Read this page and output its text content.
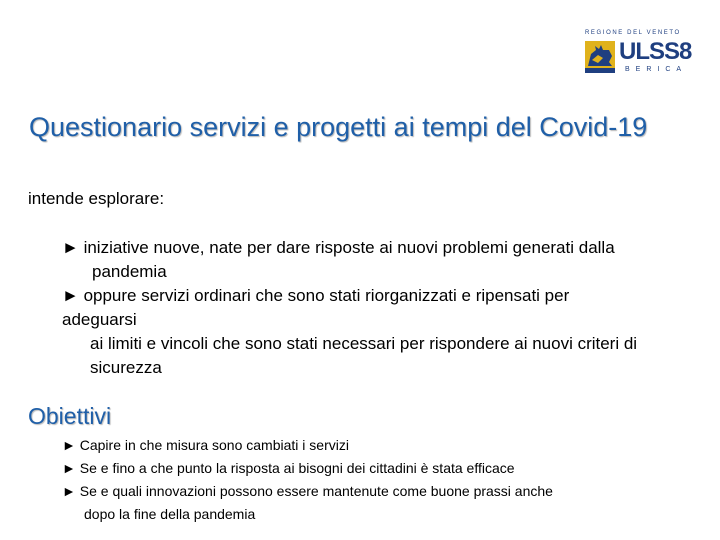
REGIONE DEL VENETO
ULSS8
BERICA
Questionario servizi e progetti ai tempi del Covid-19
intende esplorare:
► iniziative nuove, nate per dare risposte ai nuovi problemi generati dalla
pandemia
► oppure servizi ordinari che sono stati riorganizzati e ripensati per
adeguarsi
ai limiti e vincoli che sono stati necessari per rispondere ai nuovi criteri di
sicurezza
Obiettivi
► Capire in che misura sono cambiati i servizi
► Se e fino a che punto la risposta ai bisogni dei cittadini è stata efficace
► Se e quali innovazioni possono essere mantenute come buone prassi anche
dopo la fine della pandemia
